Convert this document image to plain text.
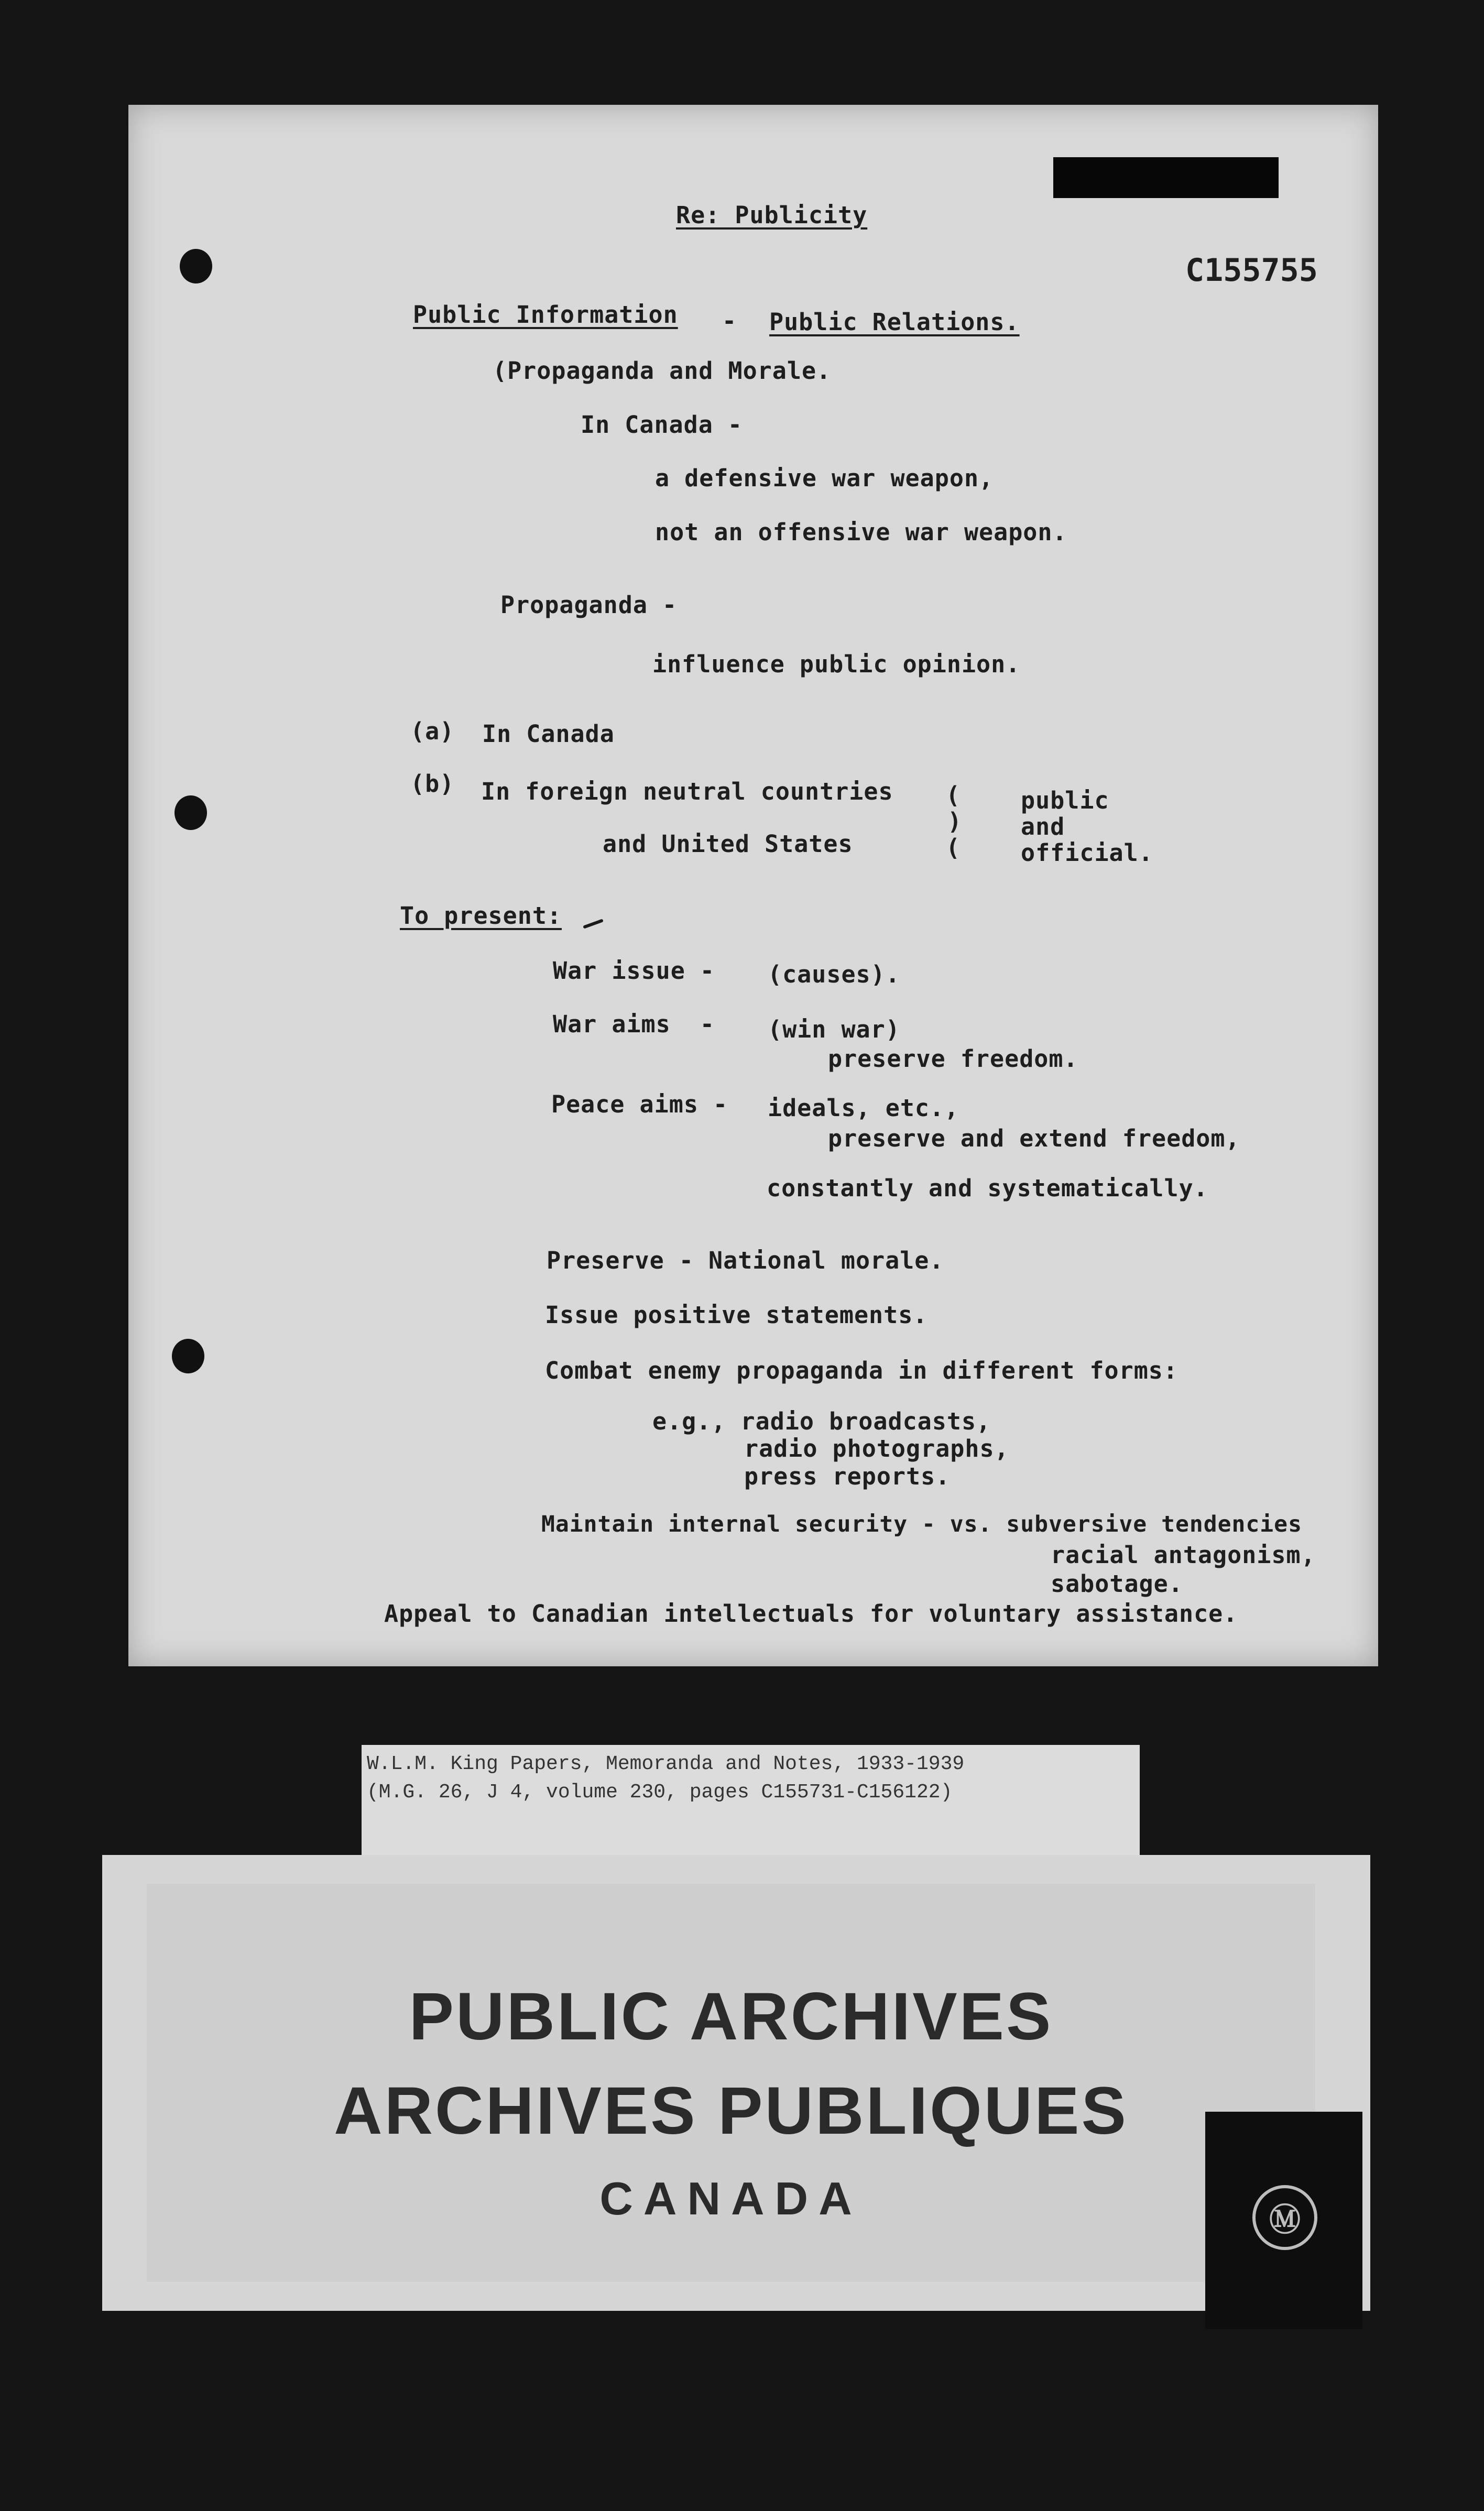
Re: Publicity
C155755
Public Information - Public Relations.
(Propaganda and Morale.
In Canada -
a defensive war weapon,
not an offensive war weapon.
Propaganda -
influence public opinion.
(a) In Canada
(b) In foreign neutral countries
and United States
(
)
(
public
and
official.
To present:
War issue - (causes).
War aims  - (win war)
preserve freedom.
Peace aims - ideals, etc.,
preserve and extend freedom,
constantly and systematically.
Preserve - National morale.
Issue positive statements.
Combat enemy propaganda in different forms:
e.g., radio broadcasts,
radio photographs,
press reports.
Maintain internal security - vs. subversive tendencies
racial antagonism,
sabotage.
Appeal to Canadian intellectuals for voluntary assistance.
W.L.M. King Papers, Memoranda and Notes, 1933-1939
(M.G. 26, J 4, volume 230, pages C155731-C156122)
PUBLIC ARCHIVES
ARCHIVES PUBLIQUES
CANADA	Ⓜ
